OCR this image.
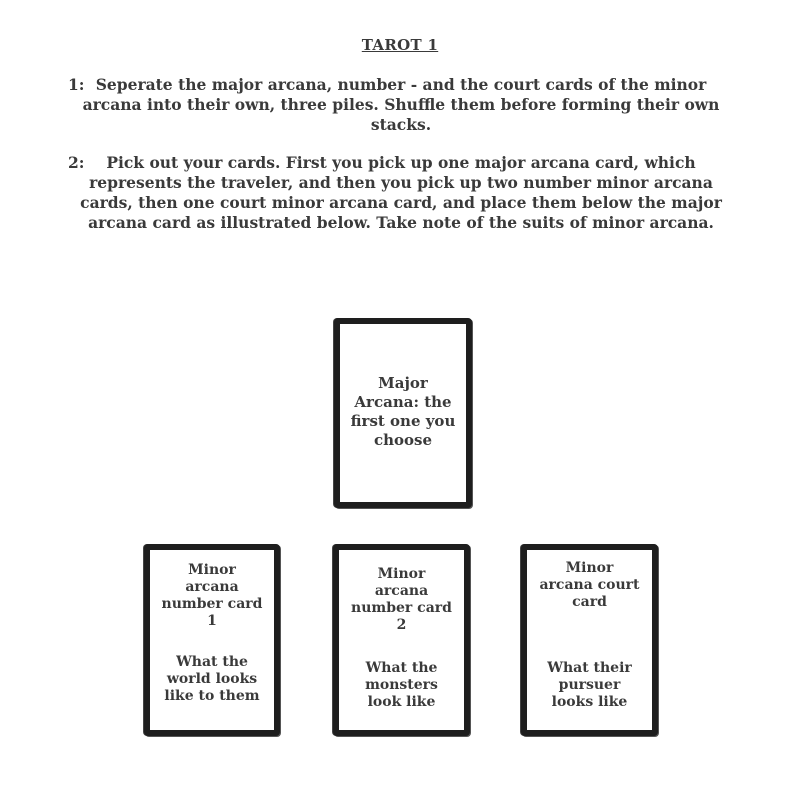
TAROT 1
1: Seperate the major arcana, number - and the court cards of the minor arcana into their own, three piles. Shuffle them before forming their own stacks.
2:	Pick out your cards. First you pick up one major arcana card, which represents the traveler, and then you pick up two number minor arcana cards, then one court minor arcana card, and place them below the major arcana card as illustrated below. Take note of the suits of minor arcana.
Major Arcana: the first one you choose
Minor arcana number card 1
What the world looks like to them
Minor arcana number card 2
What the monsters look like
Minor arcana court card
What their pursuer looks like
